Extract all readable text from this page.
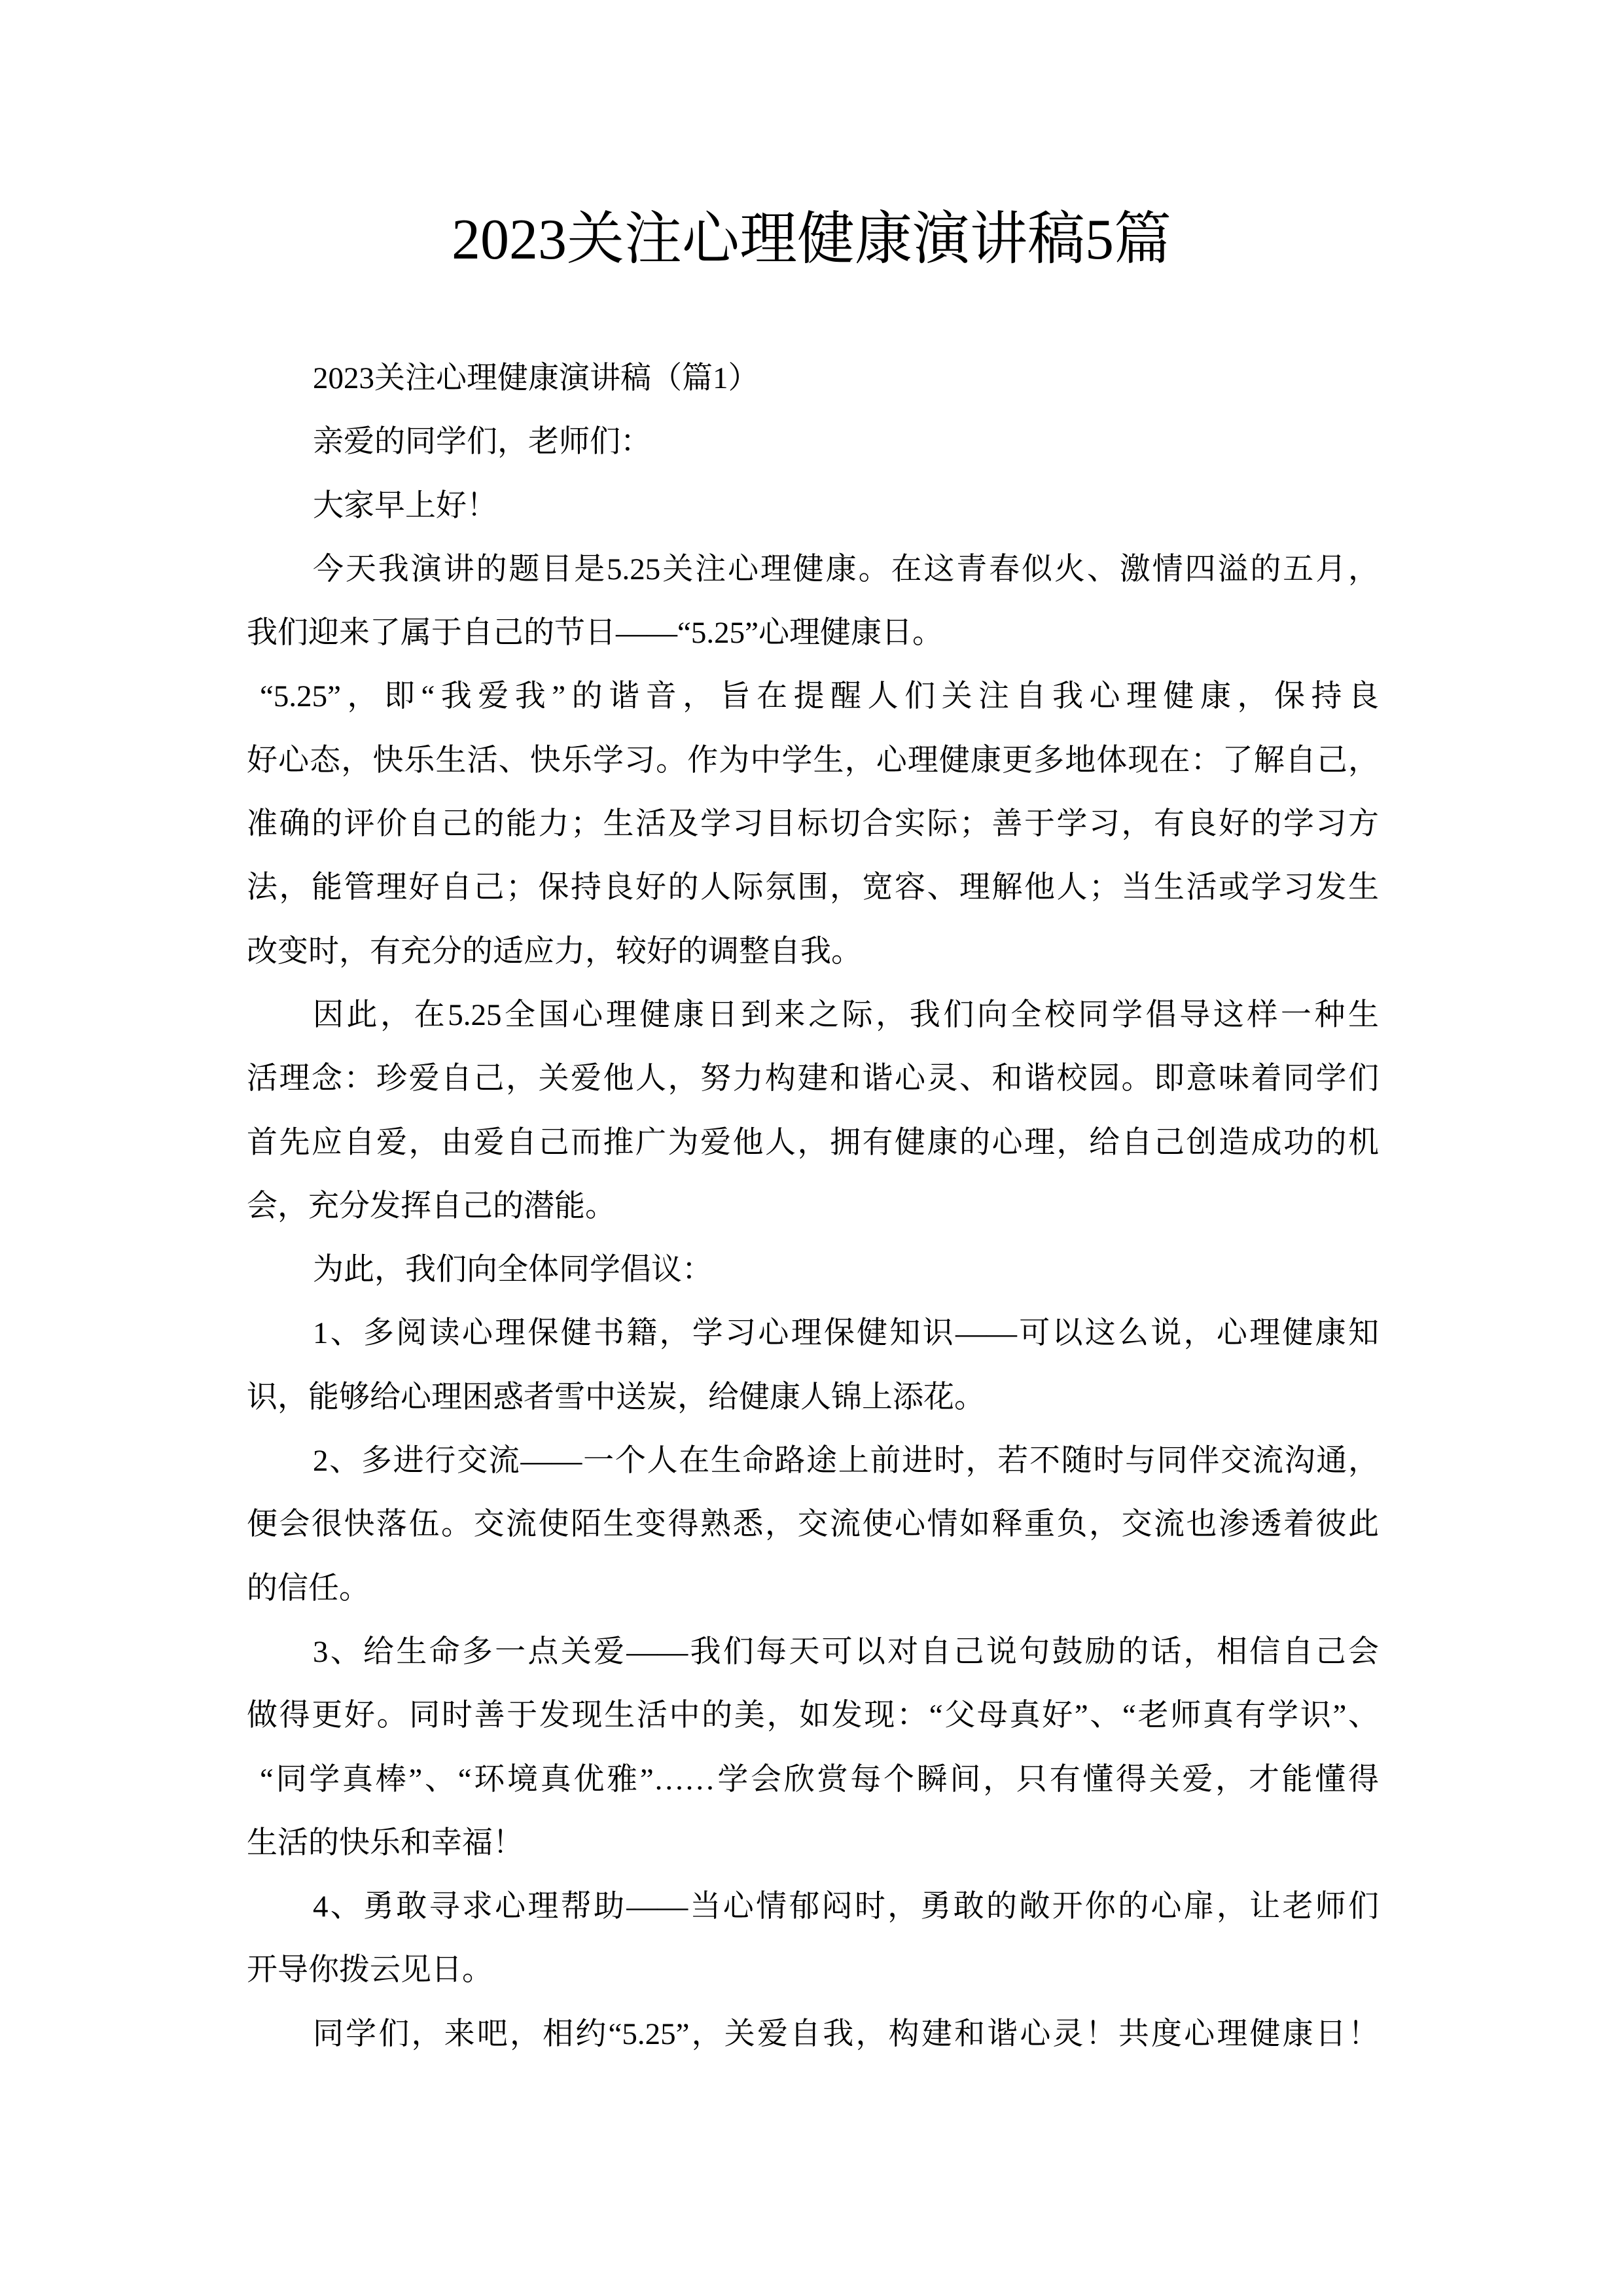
2023关注心理健康演讲稿5篇
2023关注心理健康演讲稿（篇1）
亲爱的同学们，老师们：
大家早上好！
今天我演讲的题目是5.25关注心理健康。在这青春似火、激情四溢的五月，
我们迎来了属于自己的节日——“5.25”心理健康日。
“5.25”，即“我爱我”的谐音，旨在提醒人们关注自我心理健康，保持良
好心态，快乐生活、快乐学习。作为中学生，心理健康更多地体现在：了解自己，
准确的评价自己的能力；生活及学习目标切合实际；善于学习，有良好的学习方
法，能管理好自己；保持良好的人际氛围，宽容、理解他人；当生活或学习发生
改变时，有充分的适应力，较好的调整自我。
因此，在5.25全国心理健康日到来之际，我们向全校同学倡导这样一种生
活理念：珍爱自己，关爱他人，努力构建和谐心灵、和谐校园。即意味着同学们
首先应自爱，由爱自己而推广为爱他人，拥有健康的心理，给自己创造成功的机
会，充分发挥自己的潜能。
为此，我们向全体同学倡议：
1、多阅读心理保健书籍，学习心理保健知识——可以这么说，心理健康知
识，能够给心理困惑者雪中送炭，给健康人锦上添花。
2、多进行交流——一个人在生命路途上前进时，若不随时与同伴交流沟通，
便会很快落伍。交流使陌生变得熟悉，交流使心情如释重负，交流也渗透着彼此
的信任。
3、给生命多一点关爱——我们每天可以对自己说句鼓励的话，相信自己会
做得更好。同时善于发现生活中的美，如发现：“父母真好”、“老师真有学识”、
“同学真棒”、“环境真优雅”……学会欣赏每个瞬间，只有懂得关爱，才能懂得
生活的快乐和幸福！
4、勇敢寻求心理帮助——当心情郁闷时，勇敢的敞开你的心扉，让老师们
开导你拨云见日。
同学们，来吧，相约“5.25”，关爱自我，构建和谐心灵！共度心理健康日！
